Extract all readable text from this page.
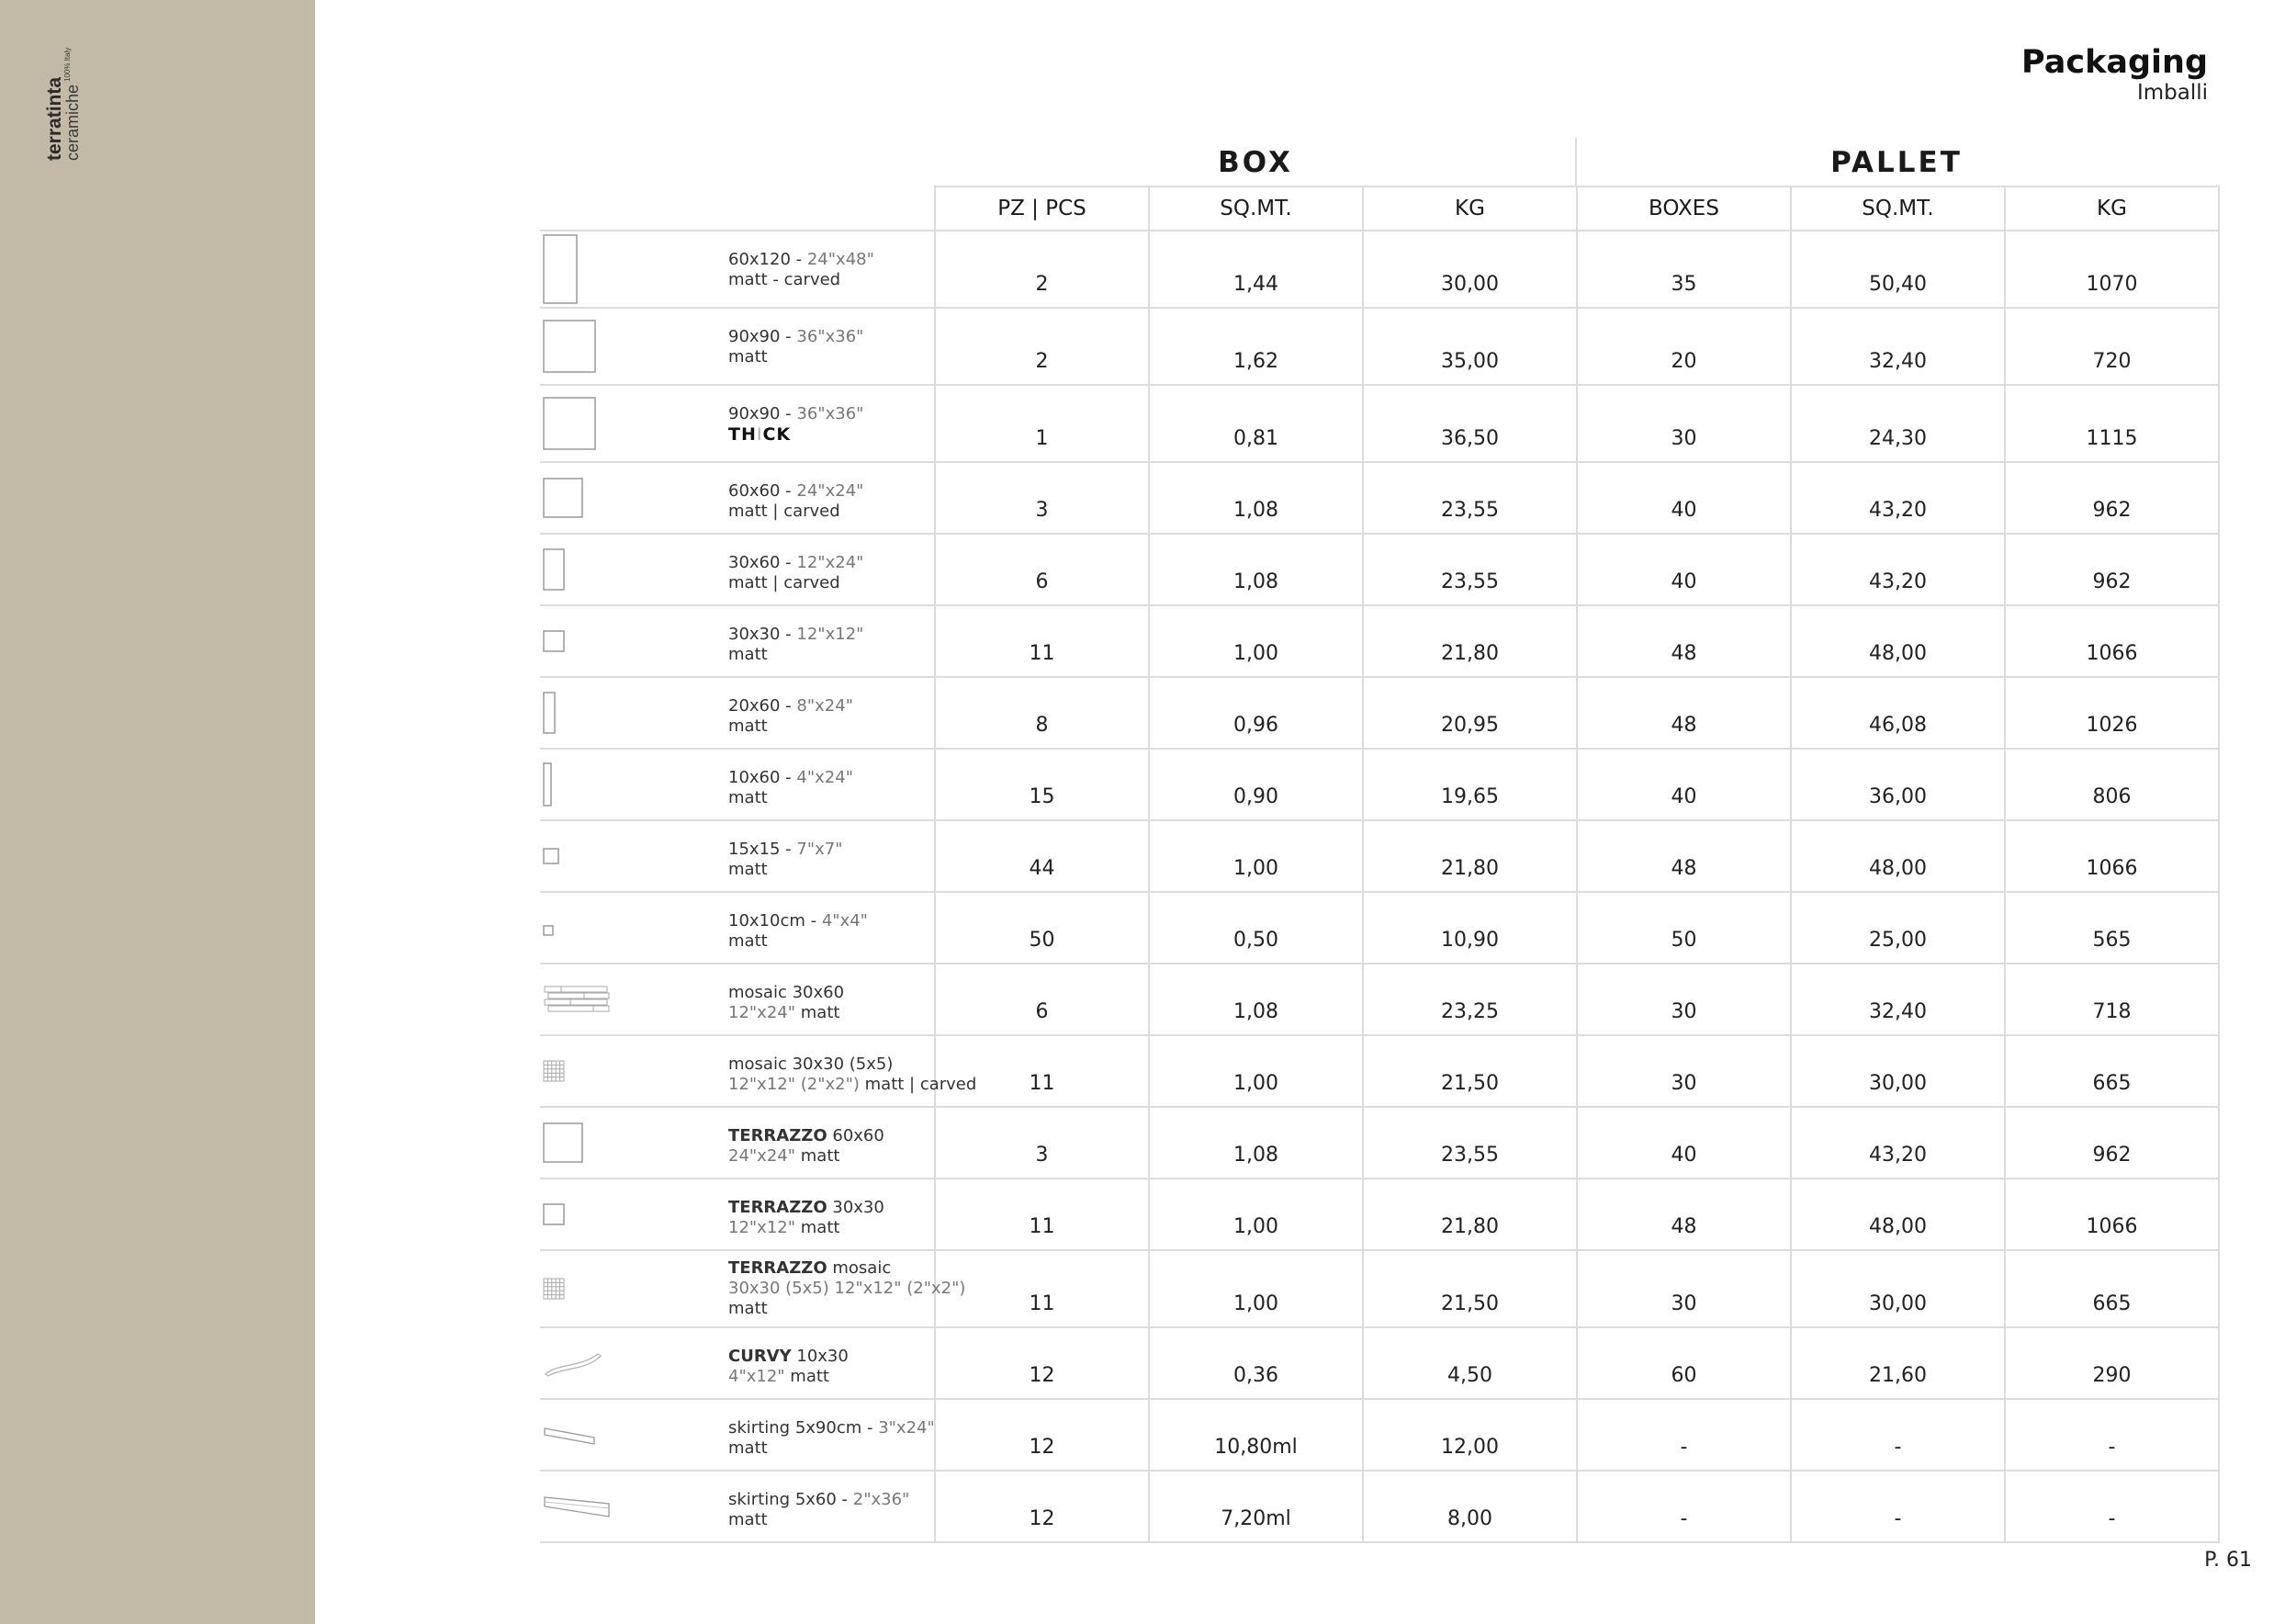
terratinta
ceramiche100% Italy	Packaging
Imballi
BOX	PALLET
	PZ | PCS	SQ.MT.	KG	BOXES	SQ.MT.	KG

60x120 - 24"x48"
matt - carved	2	1,44	30,00	35	50,40	1070

90x90 - 36"x36"
matt	2	1,62	35,00	20	32,40	720

90x90 - 36"x36"
THICK	1	0,81	36,50	30	24,30	1115

60x60 - 24"x24"
matt | carved	3	1,08	23,55	40	43,20	962

30x60 - 12"x24"
matt | carved	6	1,08	23,55	40	43,20	962

30x30 - 12"x12"
matt	11	1,00	21,80	48	48,00	1066

20x60 - 8"x24"
matt	8	0,96	20,95	48	46,08	1026

10x60 - 4"x24"
matt	15	0,90	19,65	40	36,00	806

15x15 - 7"x7"
matt	44	1,00	21,80	48	48,00	1066

10x10cm - 4"x4"
matt	50	0,50	10,90	50	25,00	565

mosaic 30x60
12"x24" matt	6	1,08	23,25	30	32,40	718

mosaic 30x30 (5x5)
12"x12" (2"x2") matt | carved	11	1,00	21,50	30	30,00	665

TERRAZZO 60x60
24"x24" matt	3	1,08	23,55	40	43,20	962

TERRAZZO 30x30
12"x12" matt	11	1,00	21,80	48	48,00	1066

TERRAZZO mosaic
30x30 (5x5) 12"x12" (2"x2")
matt	11	1,00	21,50	30	30,00	665

CURVY 10x30
4"x12" matt	12	0,36	4,50	60	21,60	290

skirting 5x90cm - 3"x24"
matt	12	10,80ml	12,00	-	-	-

skirting 5x60 - 2"x36"
matt	12	7,20ml	8,00	-	-	-
P. 61
